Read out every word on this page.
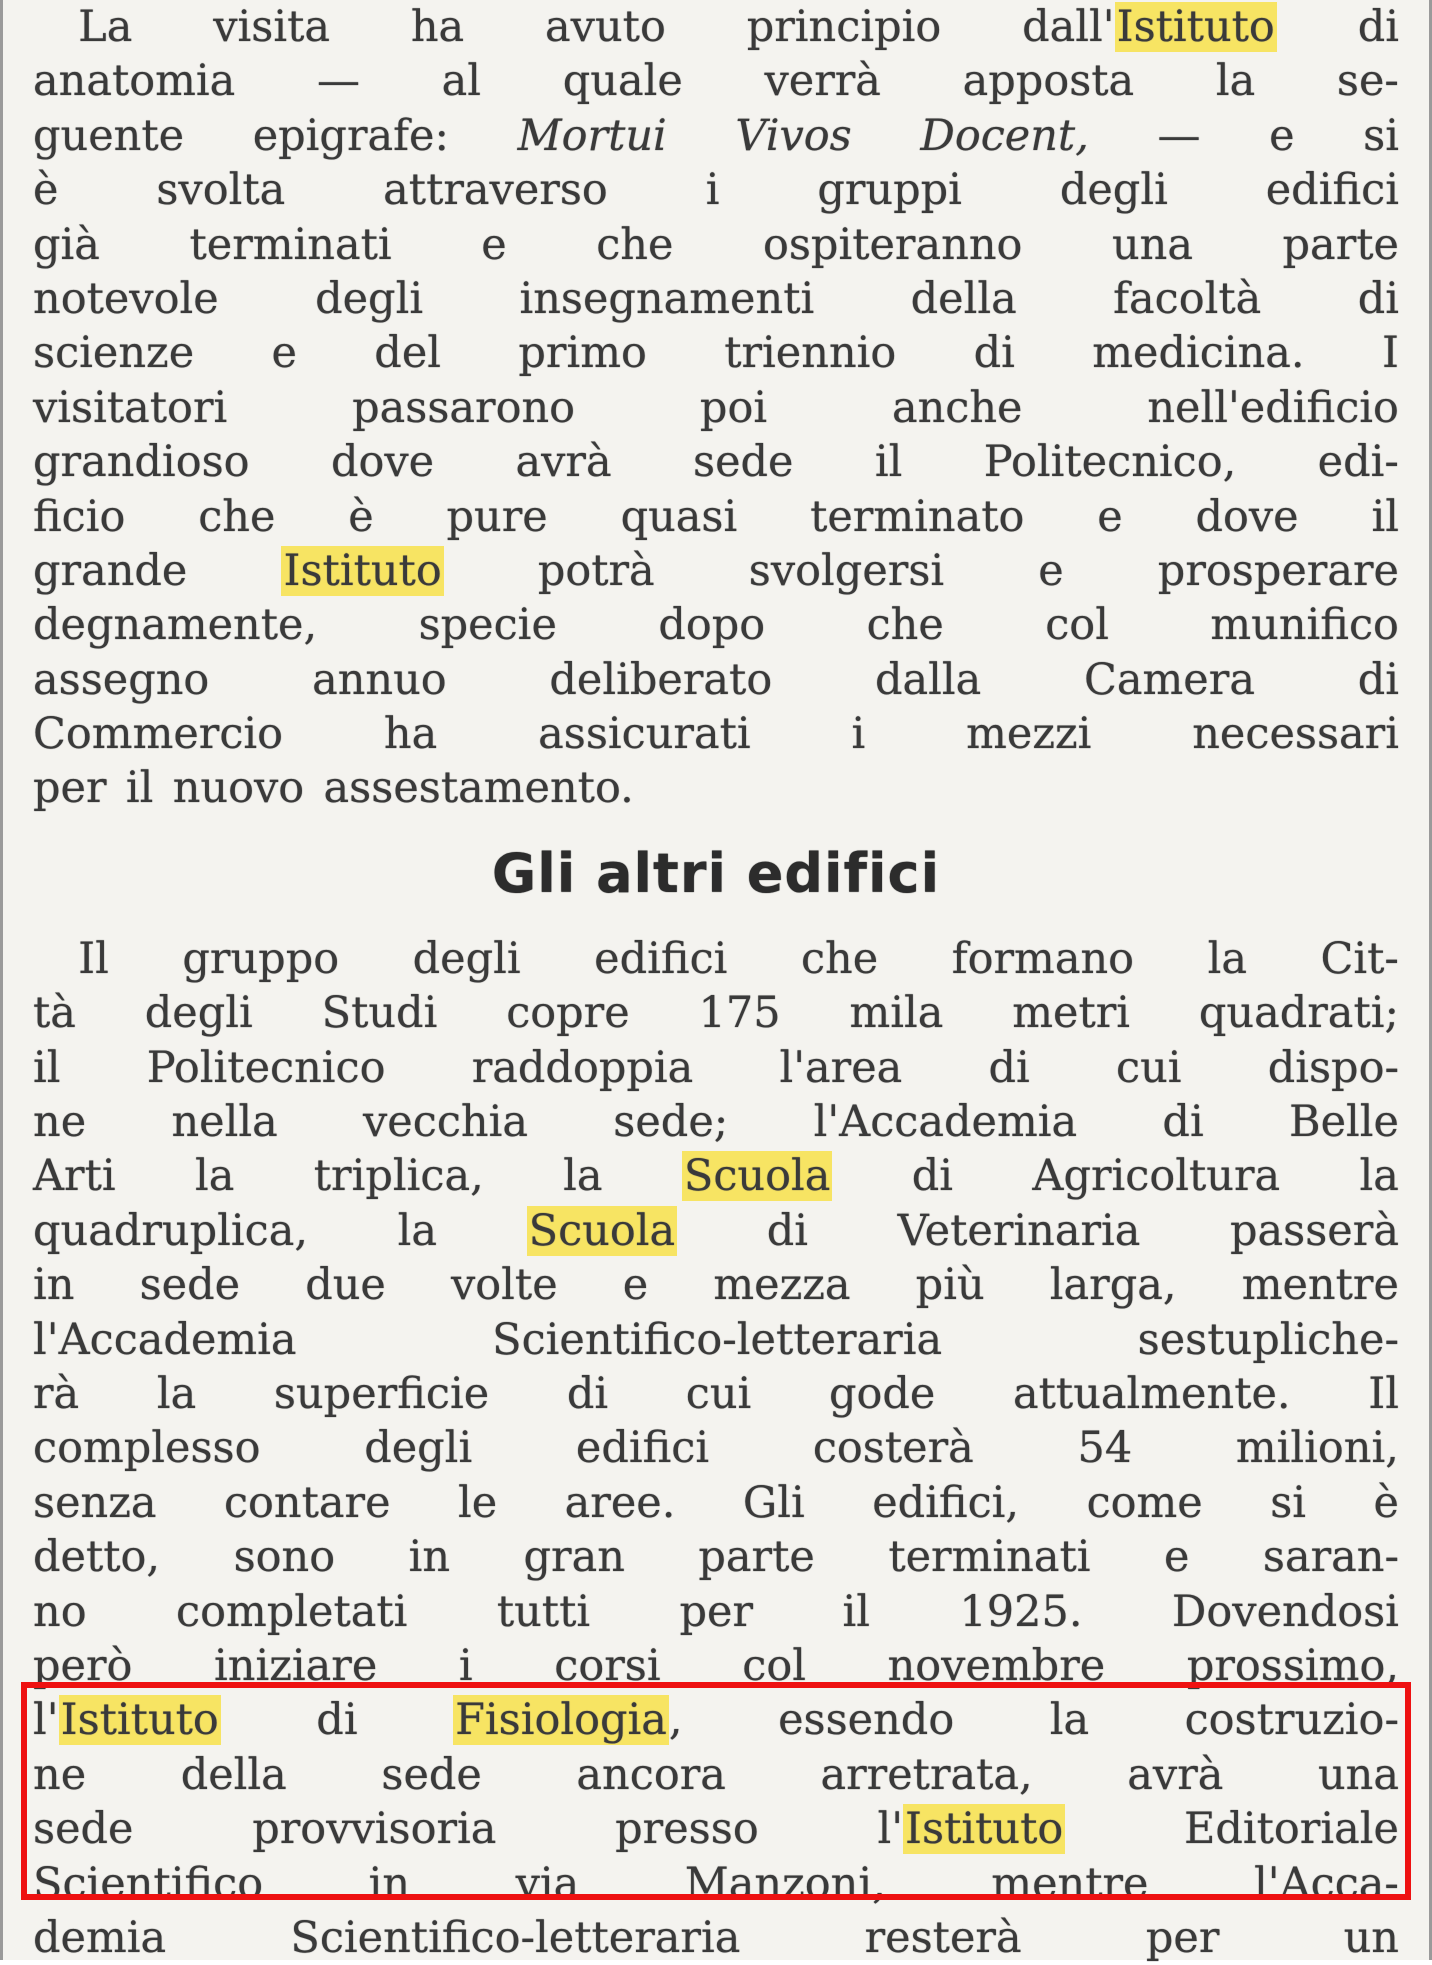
La visita ha avuto principio dall'Istituto di
anatomia — al quale verrà apposta la se-
guente epigrafe: Mortui Vivos Docent, — e si
è svolta attraverso i gruppi degli edifici
già terminati e che ospiteranno una parte
notevole degli insegnamenti della facoltà di
scienze e del primo triennio di medicina. I
visitatori	passarono	poi	anche	nell'edificio
grandioso dove avrà sede il Politecnico, edi-
ficio che è pure quasi terminato e dove il
grande Istituto potrà svolgersi e prosperare
degnamente, specie dopo che col munifico
assegno annuo deliberato dalla Camera di
Commercio ha assicurati i mezzi necessari
per il nuovo assestamento.
Gli altri edifici
Il gruppo degli edifici che formano la Cit-
tà degli Studi copre 175 mila metri quadrati;
il Politecnico raddoppia l'area di cui dispo-
ne nella vecchia sede; l'Accademia di Belle
Arti la triplica, la Scuola di Agricoltura la
quadruplica, la Scuola di Veterinaria passerà
in sede due volte e mezza più larga, mentre
l'Accademia	Scientifico-letteraria	sestupliche-
rà la superficie di cui gode attualmente. Il
complesso degli edifici costerà 54 milioni,
senza contare le aree. Gli edifici, come si è
detto, sono in gran parte terminati e saran-
no completati tutti per il 1925. Dovendosi
però iniziare i corsi col novembre prossimo,
l'Istituto di Fisiologia, essendo la costruzio-
ne della sede ancora arretrata, avrà una
sede	provvisoria	presso	l'Istituto	Editoriale
Scientifico in via Manzoni, mentre l'Acca-
demia	Scientifico-letteraria	resterà	per	un
